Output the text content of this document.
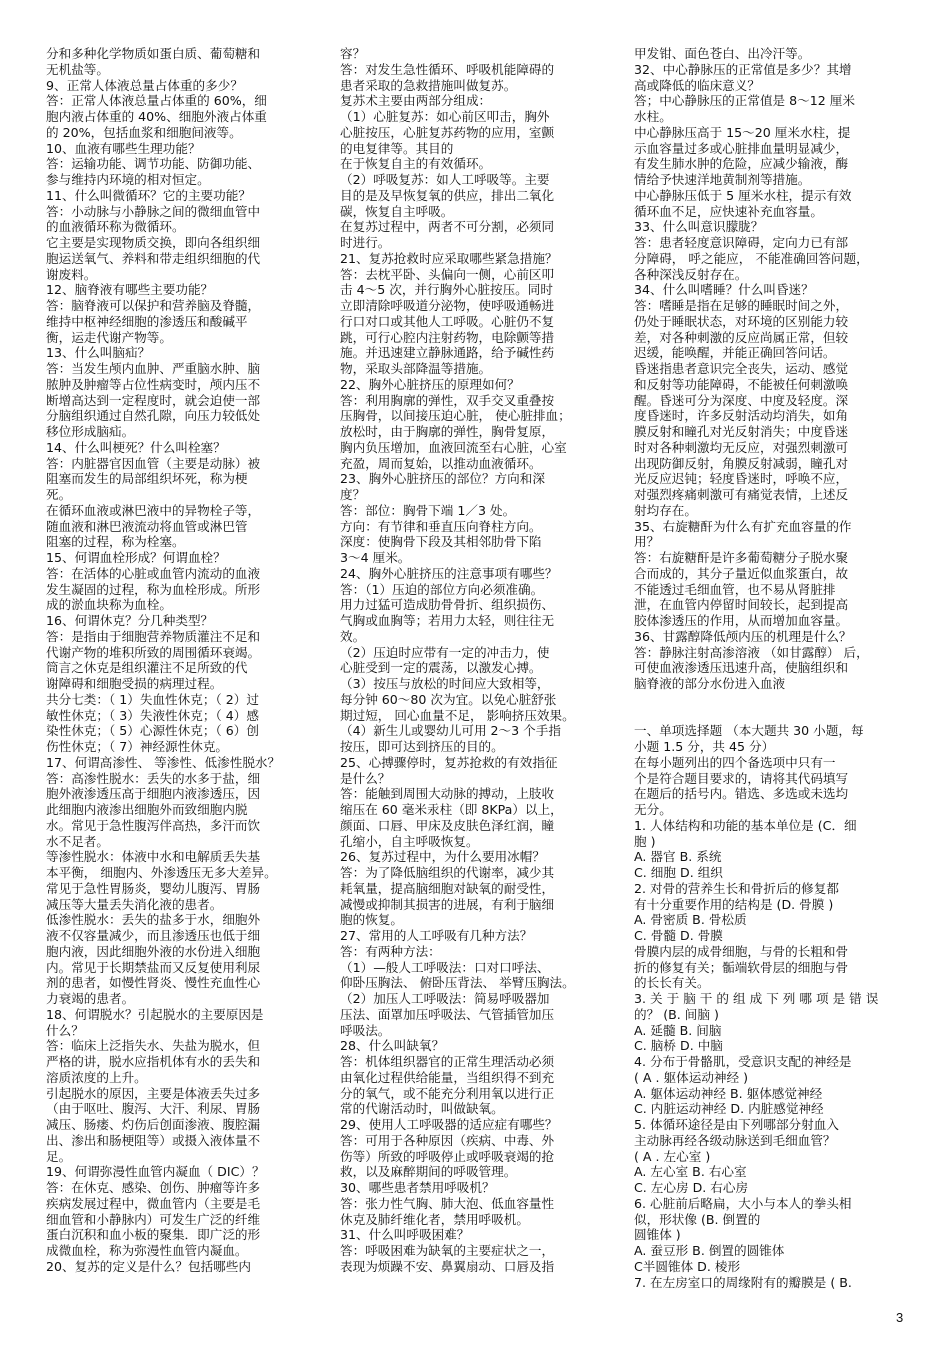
分和多种化学物质如蛋白质、葡萄糖和
无机盐等。
9、正常人体液总量占体重的多少？
答：正常人体液总量占体重的 60%，细
胞内液占体重的 40%、细胞外液占体重
的 20%，包括血浆和细胞间液等。
10、血液有哪些生理功能？
答：运输功能、调节功能、防御功能、
参与维持内环境的相对恒定。
11、什么叫微循环？它的主要功能？
答：小动脉与小静脉之间的微细血管中
的血液循环称为微循环。
它主要是实现物质交换，即向各组织细
胞运送氧气、养料和带走组织细胞的代
谢废料。
12、脑脊液有哪些主要功能？
答：脑脊液可以保护和营养脑及脊髓，
维持中枢神经细胞的渗透压和酸碱平
衡，运走代谢产物等。
13、什么叫脑疝？
答：当发生颅内血肿、严重脑水肿、脑
脓肿及肿瘤等占位性病变时，颅内压不
断增高达到一定程度时，就会迫使一部
分脑组织通过自然孔隙，向压力较低处
移位形成脑疝。
14、什么叫梗死？什么叫栓塞？
答：内脏器官因血管（主要是动脉）被
阻塞而发生的局部组织坏死，称为梗
死。
在循环血液或淋巴液中的异物栓子等，
随血液和淋巴液流动将血管或淋巴管
阻塞的过程，称为栓塞。
15、何谓血栓形成？何谓血栓？
答：在活体的心脏或血管内流动的血液
发生凝固的过程，称为血栓形成。所形
成的淤血块称为血栓。
16、何谓休克？分几种类型？
答：是指由于细胞营养物质灌注不足和
代谢产物的堆积所致的周围循环衰竭。
筒言之休克是组织灌注不足所致的代
谢障碍和细胞受损的病理过程。
共分七类：（ 1）失血性休克；（ 2）过
敏性休克；（ 3）失液性休克；（ 4）感
染性休克；（ 5）心源性休克；（ 6）创
伤性休克；（ 7）神经源性休克。
17、何谓高渗性、 等渗性、低渗性脱水？
答：高渗性脱水：丢失的水多于盐，细
胞外液渗透压高于细胞内液渗透压，因
此细胞内液渗出细胞外而致细胞内脱
水。常见于急性腹泻伴高热，多汗而饮
水不足者。
等渗性脱水：体液中水和电解质丢失基
本平衡， 细胞内、外渗透压无多大差异。
常见于急性胃肠炎，婴幼儿腹泻、胃肠
减压等大量丢失消化液的患者。
低渗性脱水：丢失的盐多于水，细胞外
液不仅容量减少，而且渗透压也低于细
胞内液，因此细胞外液的水份进入细胞
内。常见于长期禁盐而又反复使用利尿
剂的患者，如慢性肾炎、慢性充血性心
力衰竭的患者。
18、何谓脱水？引起脱水的主要原因是
什么？
答：临床上泛指失水、失盐为脱水，但
严格的讲，脱水应指机体有水的丢失和
溶质浓度的上升。
引起脱水的原因，主要是体液丢失过多
（由于呕吐、腹泻、大汗、利尿、胃肠
减压、肠瘘、灼伤后创面渗液、腹腔漏
出、渗出和肠梗阻等）或摄入液体量不
足。
19、何谓弥漫性血管内凝血（ DIC）？
答：在休克、感染、创伤、肿瘤等许多
疾病发展过程中，微血管内（主要是毛
细血管和小静脉内）可发生广泛的纤维
蛋白沉积和血小板的聚集．即广泛的形
成微血栓，称为弥漫性血管内凝血。
20、复苏的定义是什么？包括哪些内
容？
答：对发生急性循环、呼吸机能障碍的
患者采取的急救措施叫做复苏。
复苏术主要由两部分组成：
（1）心脏复苏：如心前区叩击，胸外
心脏按压，心脏复苏药物的应用，室颤
的电复律等。其目的
在于恢复自主的有效循环。
（2）呼吸复苏：如人工呼吸等。主要
目的是及早恢复氧的供应，排出二氧化
碳，恢复自主呼吸。
在复苏过程中，两者不可分割，必须同
时进行。
21、复苏抢救时应采取哪些紧急措施？
答：去枕平卧、头偏向一侧，心前区叩
击 4～5 次，并行胸外心脏按压。同时
立即清除呼吸道分泌物，使呼吸通畅进
行口对口或其他人工呼吸。心脏仍不复
跳，可行心腔内注射药物，电除颤等措
施。并迅速建立静脉通路，给予碱性药
物，采取头部降温等措施。
22、胸外心脏挤压的原理如何？
答：利用胸廓的弹性，双手交叉重叠按
压胸骨，以间接压迫心脏， 使心脏排血；
放松时，由于胸廓的弹性，胸骨复原，
胸内负压增加，血液回流至右心脏，心室
充盈，周而复始，以推动血液循环。
23、胸外心脏挤压的部位？方向和深
度？
答：部位：胸骨下端 1／3 处。
方向：有节律和垂直压向脊柱方向。
深度：使胸骨下段及其相邻肋骨下陷
3～4 厘米。
24、胸外心脏挤压的注意事项有哪些？
答：（1）压迫的部位方向必须准确。
用力过猛可造成肋骨骨折、组织损伤、
气胸或血胸等；若用力太轻，则往往无
效。
（2）压迫时应带有一定的冲击力，使
心脏受到一定的震荡，以激发心搏。
（3）按压与放松的时间应大致相等，
每分钟 60～80 次为宜。以免心脏舒张
期过短， 回心血量不足， 影响挤压效果。
（4）新生儿或婴幼儿可用 2～3 个手指
按压，即可达到挤压的目的。
25、心搏骤停时，复苏抢救的有效指征
是什么？
答：能触到周围大动脉的搏动，上肢收
缩压在 60 毫米汞柱（即 8KPa）以上，
颜面、口唇、甲床及皮肤色泽红润，瞳
孔缩小，自主呼吸恢复。
26、复苏过程中，为什么要用冰帽？
答：为了降低脑组织的代谢率，减少其
耗氧量，提高脑细胞对缺氧的耐受性，
减慢或抑制其损害的进展，有利于脑细
胞的恢复。
27、常用的人工呼吸有几种方法？
答：有两种方法：
（1）—般人工呼吸法：口对口呼法、
仰卧压胸法、 俯卧压背法、 举臂压胸法。
（2）加压人工呼吸法：简易呼吸器加
压法、面罩加压呼吸法、气管插管加压
呼吸法。
28、什么叫缺氧？
答：机体组织器官的正常生理活动必须
由氧化过程供给能量，当组织得不到充
分的氧气，或不能充分利用氧以进行正
常的代谢活动时，叫做缺氧。
29、使用人工呼吸器的适应症有哪些？
答：可用于各种原因（疾病、中毒、外
伤等）所致的呼吸停止或呼吸衰竭的抢
救，以及麻醉期间的呼吸管理。
30、哪些患者禁用呼吸机？
答：张力性气胸、肺大泡、低血容量性
休克及肺纤维化者，禁用呼吸机。
31、什么叫呼吸困难？
答：呼吸困难为缺氧的主要症状之一，
表现为烦躁不安、鼻翼扇动、口唇及指
甲发钳、面色苍白、出冷汗等。
32、中心静脉压的正常值是多少？其增
高或降低的临床意义？
答；中心静脉压的正常值是 8～12 厘米
水柱。
中心静脉压高于 15～20 厘米水柱，提
示血容量过多或心脏排血量明显减少，
有发生肺水肿的危险，应减少输液，酶
情给予快速洋地黄制剂等措施。
中心静脉压低于 5 厘米水柱，提示有效
循环血不足，应快速补充血容量。
33、什么叫意识朦胧？
答：患者轻度意识障碍，定向力已有部
分障碍， 呼之能应， 不能准确回答问题，
各种深浅反射存在。
34、什么叫嗜睡？什么叫昏迷？
答：嗜睡是指在足够的睡眠时间之外，
仍处于睡眠状态，对环境的区别能力较
差，对各种刺激的反应尚属正常，但较
迟缓，能唤醒，并能正确回答问话。
昏迷指患者意识完全丧失，运动、感觉
和反射等功能障碍，不能被任何刺激唤
醒。昏迷可分为深度、中度及轻度。深
度昏迷时，许多反射活动均消失，如角
膜反射和瞳孔对光反射消失；中度昏迷
时对各种刺激均无反应，对强烈刺激可
出现防御反射，角膜反射减弱，瞳孔对
光反应迟钝；轻度昏迷时，呼唤不应，
对强烈疼痛刺激可有痛觉表情，上述反
射均存在。
35、右旋糖酐为什么有扩充血容量的作
用？
答：右旋糖酐是许多葡萄糖分子脱水聚
合而成的，其分子量近似血浆蛋白，故
不能透过毛细血管，也不易从肾脏排
泄，在血管内停留时间较长，起到提高
胶体渗透压的作用，从而增加血容量。
36、甘露醇降低颅内压的机理是什么？
答：静脉注射高渗溶液 （如甘露醇） 后，
可使血液渗透压迅速升高，使脑组织和
脑脊液的部分水份进入血液
一、单项选择题 （本大题共 30 小题，每
小题 1.5 分，共 45 分）
在每小题列出的四个备选项中只有一
个是符合题目要求的，请将其代码填写
在题后的括号内。错选、多选或未选均
无分。
1. 人体结构和功能的基本单位是 (C．细
胞 )
A. 器官 B. 系统
C. 细胞 D. 组织
2. 对骨的营养生长和骨折后的修复都
有十分重要作用的结构是 (D. 骨膜 )
A. 骨密质 B. 骨松质
C. 骨髓 D. 骨膜
骨膜内层的成骨细胞，与骨的长粗和骨
折的修复有关；骺端软骨层的细胞与骨
的长长有关。
3. 关 于 脑 干 的 组 成 下 列 哪 项 是 错 误
的？ (B. 间脑 )
A. 延髓 B. 间脑
C. 脑桥 D. 中脑
4. 分布于骨骼肌，受意识支配的神经是
( A . 躯体运动神经 )
A. 躯体运动神经 B. 躯体感觉神经
C. 内脏运动神经 D. 内脏感觉神经
5. 体循环途径是由下列哪部分射血入
主动脉再经各级动脉送到毛细血管？
( A . 左心室 )
A. 左心室 B. 右心室
C. 左心房 D. 右心房
6. 心脏前后略扁，大小与本人的拳头相
似，形状像 (B. 倒置的
圆锥体 )
A. 蚕豆形 B. 倒置的圆锥体
C半圆锥体 D. 棱形
7. 在左房室口的周缘附有的瓣膜是 ( B.
3
